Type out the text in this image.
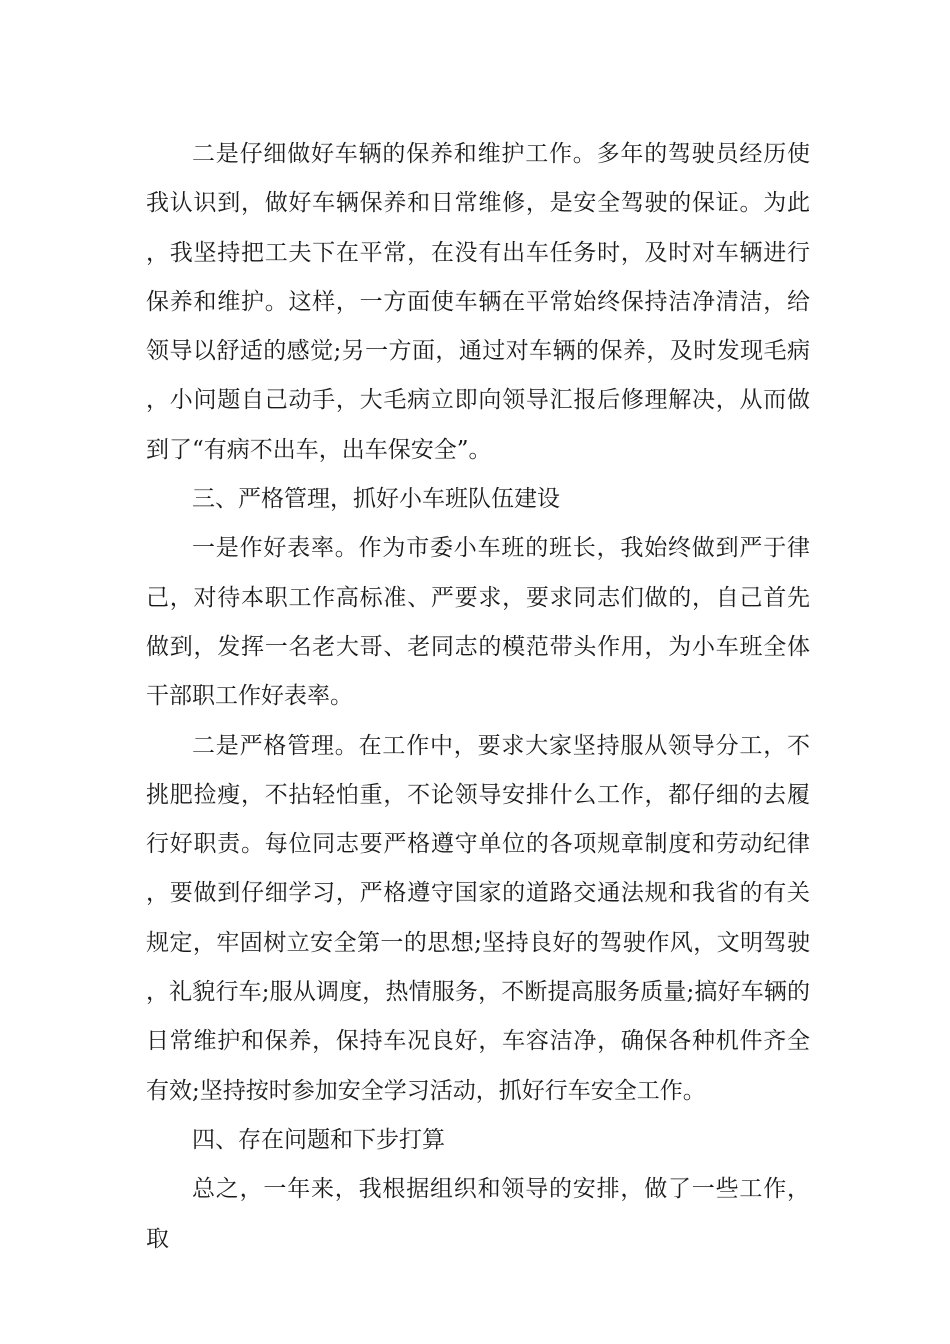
二是仔细做好车辆的保养和维护工作。多年的驾驶员经历使我认识到，做好车辆保养和日常维修，是安全驾驶的保证。为此，我坚持把工夫下在平常，在没有出车任务时，及时对车辆进行保养和维护。这样，一方面使车辆在平常始终保持洁净清洁，给领导以舒适的感觉;另一方面，通过对车辆的保养，及时发现毛病，小问题自己动手，大毛病立即向领导汇报后修理解决，从而做到了“有病不出车，出车保安全”。

三、严格管理，抓好小车班队伍建设

一是作好表率。作为市委小车班的班长，我始终做到严于律己，对待本职工作高标准、严要求，要求同志们做的，自己首先做到，发挥一名老大哥、老同志的模范带头作用，为小车班全体干部职工作好表率。

二是严格管理。在工作中，要求大家坚持服从领导分工，不挑肥捡瘦，不拈轻怕重，不论领导安排什么工作，都仔细的去履行好职责。每位同志要严格遵守单位的各项规章制度和劳动纪律，要做到仔细学习，严格遵守国家的道路交通法规和我省的有关规定，牢固树立安全第一的思想;坚持良好的驾驶作风，文明驾驶，礼貌行车;服从调度，热情服务，不断提高服务质量;搞好车辆的日常维护和保养，保持车况良好，车容洁净，确保各种机件齐全有效;坚持按时参加安全学习活动，抓好行车安全工作。

四、存在问题和下步打算

总之，一年来，我根据组织和领导的安排，做了一些工作，取
